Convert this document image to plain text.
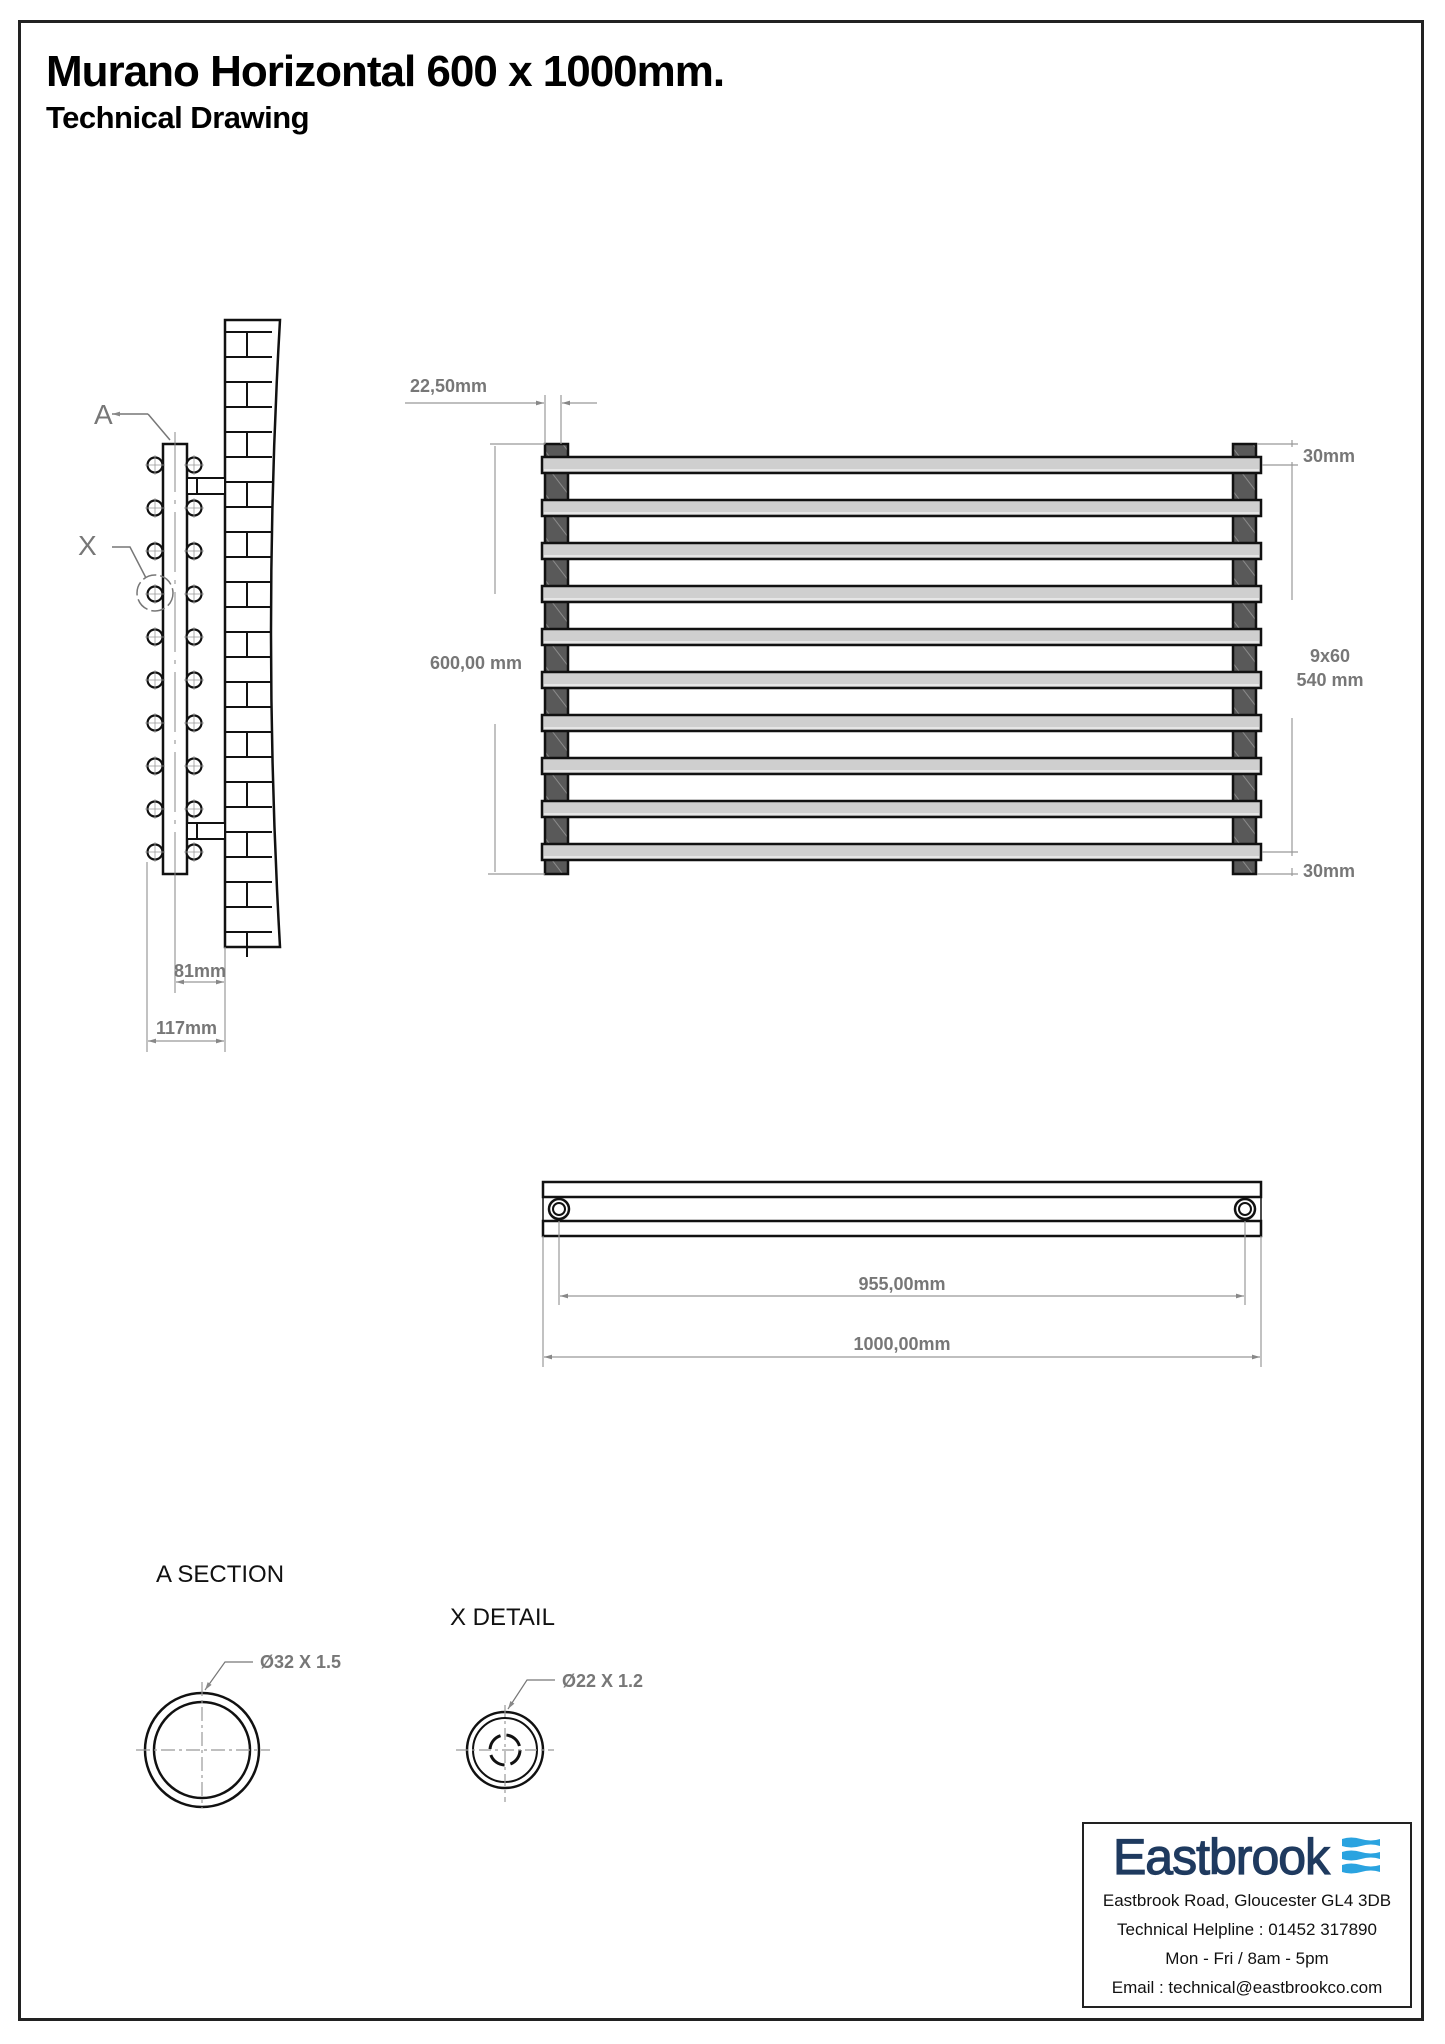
Murano Horizontal 600 x 1000mm.
Technical Drawing
A
X
81mm
117mm
22,50mm
600,00 mm
30mm
9x60
540 mm
30mm
955,00mm
1000,00mm
A SECTION
Ø32 X 1.5
X DETAIL
Ø22 X 1.2
Eastbrook
Eastbrook Road, Gloucester GL4 3DB
Technical Helpline : 01452 317890
Mon - Fri / 8am - 5pm
Email : technical@eastbrookco.com
